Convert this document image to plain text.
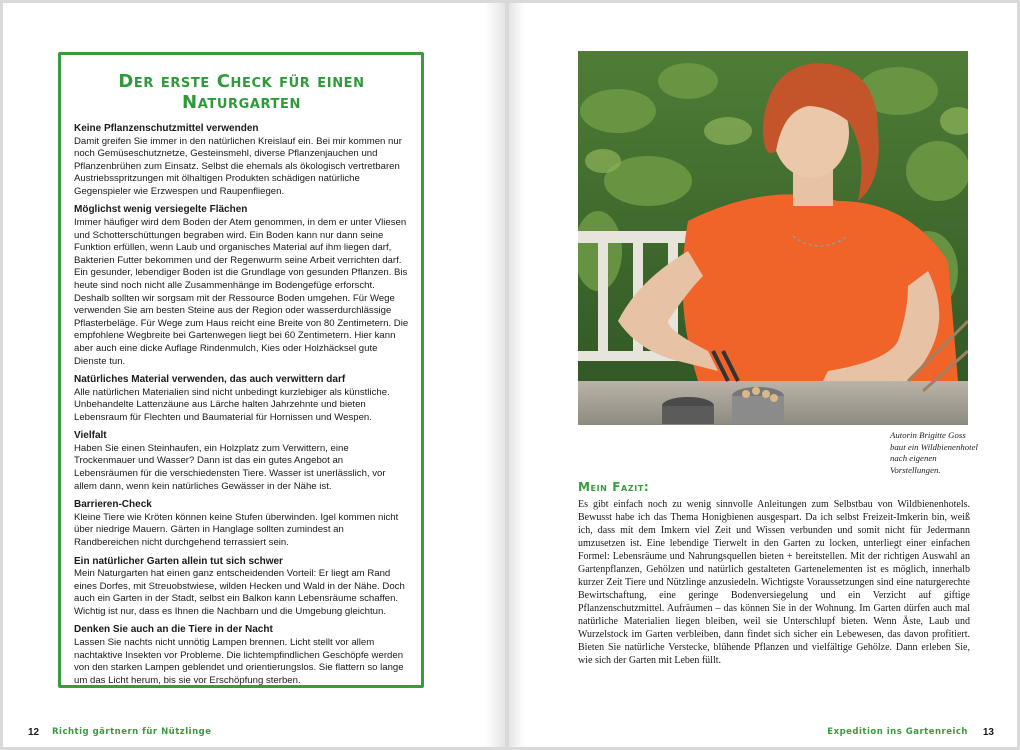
Der erste Check für einen Naturgarten

Keine Pflanzenschutzmittel verwenden

Damit greifen Sie immer in den natürlichen Kreislauf ein. Bei mir kommen nur noch Gemüseschutznetze, Gesteinsmehl, diverse Pflanzenjauchen und Pflanzenbrühen zum Einsatz. Selbst die ehemals als ökologisch vertretbaren Austriebsspritzungen mit ölhaltigen Produkten schädigen natürliche Gegenspieler wie Erzwespen und Raupenfliegen.

Möglichst wenig versiegelte Flächen

Immer häufiger wird dem Boden der Atem genommen, in dem er unter Vliesen und Schotterschüttungen begraben wird. Ein Boden kann nur dann seine Funktion erfüllen, wenn Laub und organisches Material auf ihm liegen darf, Bakterien Futter bekommen und der Regenwurm seine Arbeit verrichten darf. Ein gesunder, lebendiger Boden ist die Grundlage von gesunden Pflanzen. Bis heute sind noch nicht alle Zusammenhänge im Bodengefüge erforscht. Deshalb sollten wir sorgsam mit der Ressource Boden umgehen. Für Wege verwenden Sie am besten Steine aus der Region oder wasserdurchlässige Pflasterbeläge. Für Wege zum Haus reicht eine Breite von 80 Zentimetern. Die empfohlene Wegbreite bei Gartenwegen liegt bei 60 Zentimetern. Hier kann aber auch eine dicke Auflage Rindenmulch, Kies oder Holzhäcksel gute Dienste tun.

Natürliches Material verwenden, das auch verwittern darf

Alle natürlichen Materialien sind nicht unbedingt kurzlebiger als künstliche. Unbehandelte Lattenzäune aus Lärche halten Jahrzehnte und bieten Lebensraum für Flechten und Baumaterial für Hornissen und Wespen.

Vielfalt

Haben Sie einen Steinhaufen, ein Holzplatz zum Verwittern, eine Trockenmauer und Wasser? Dann ist das ein gutes Angebot an Lebensräumen für die verschiedensten Tiere. Wasser ist unerlässlich, vor allem dann, wenn kein natürliches Gewässer in der Nähe ist.

Barrieren-Check

Kleine Tiere wie Kröten können keine Stufen überwinden. Igel kommen nicht über niedrige Mauern. Gärten in Hanglage sollten zumindest an Randbereichen nicht durchgehend terrassiert sein.

Ein natürlicher Garten allein tut sich schwer

Mein Naturgarten hat einen ganz entscheidenden Vorteil: Er liegt am Rand eines Dorfes, mit Streuobstwiese, wilden Hecken und Wald in der Nähe. Doch auch ein Garten in der Stadt, selbst ein Balkon kann Lebensräume schaffen. Wichtig ist nur, dass es Ihnen die Nachbarn und die Umgebung gleichtun.

Denken Sie auch an die Tiere in der Nacht

Lassen Sie nachts nicht unnötig Lampen brennen. Licht stellt vor allem nachtaktive Insekten vor Probleme. Die lichtempfindlichen Geschöpfe werden von den starken Lampen geblendet und orientierungslos. Sie flattern so lange um das Licht herum, bis sie vor Erschöpfung sterben.

12 Richtig gärtnern für Nützlinge
Autorin Brigitte Goss baut ein Wildbienenhotel nach eigenen Vorstellungen.
Mein Fazit:

Es gibt einfach noch zu wenig sinnvolle Anleitungen zum Selbstbau von Wildbienenhotels. Bewusst habe ich das Thema Honigbienen ausgespart. Da ich selbst Freizeit-Imkerin bin, weiß ich, dass mit dem Imkern viel Zeit und Wissen verbunden und somit nicht für Jedermann umzusetzen ist. Eine lebendige Tierwelt in den Garten zu locken, unterliegt einer einfachen Formel: Lebensräume und Nahrungsquellen bieten + bereitstellen. Mit der richtigen Auswahl an Gartenpflanzen, Gehölzen und natürlich gestalteten Gartenelementen ist es möglich, innerhalb kurzer Zeit Tiere und Nützlinge anzusiedeln. Wichtigste Voraussetzungen sind eine naturgerechte Bewirtschaftung, eine geringe Bodenversiegelung und ein Verzicht auf giftige Pflanzenschutzmittel. Aufräumen – das können Sie in der Wohnung. Im Garten dürfen auch mal natürliche Materialien liegen bleiben, weil sie Unterschlupf bieten. Wenn Äste, Laub und Wurzelstock im Garten verbleiben, dann findet sich sicher ein Lebewesen, das davon profitiert. Bieten Sie natürliche Verstecke, blühende Pflanzen und vielfältige Gehölze. Dann erleben Sie, wie sich der Garten mit Leben füllt.

Expedition ins Gartenreich 13
